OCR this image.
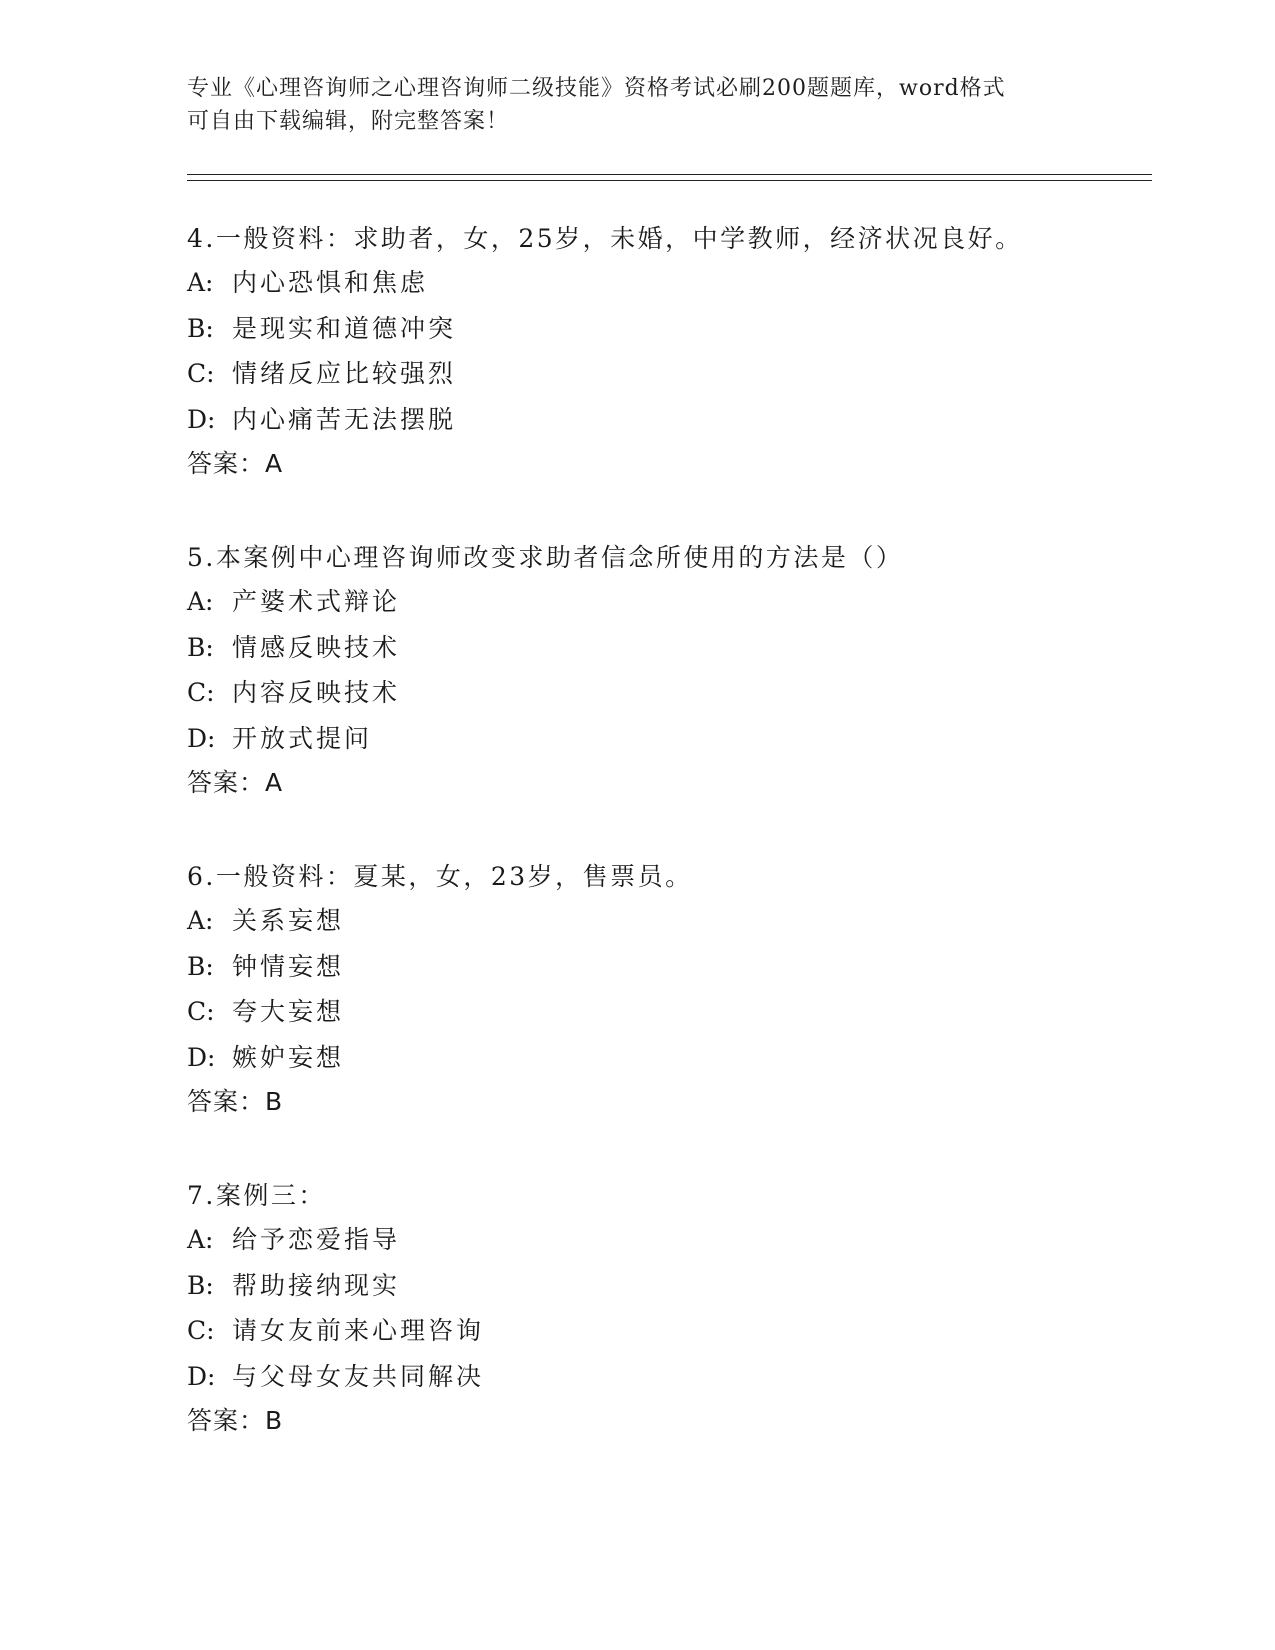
专业《心理咨询师之心理咨询师二级技能》资格考试必刷200题题库，word格式
可自由下载编辑，附完整答案！
4.一般资料：求助者，女，25岁，未婚，中学教师，经济状况良好。
A: 内心恐惧和焦虑
B: 是现实和道德冲突
C: 情绪反应比较强烈
D: 内心痛苦无法摆脱
答案：A
5.本案例中心理咨询师改变求助者信念所使用的方法是（）
A: 产婆术式辩论
B: 情感反映技术
C: 内容反映技术
D: 开放式提问
答案：A
6.一般资料：夏某，女，23岁，售票员。
A: 关系妄想
B: 钟情妄想
C: 夸大妄想
D: 嫉妒妄想
答案：B
7.案例三：
A: 给予恋爱指导
B: 帮助接纳现实
C: 请女友前来心理咨询
D: 与父母女友共同解决
答案：B
